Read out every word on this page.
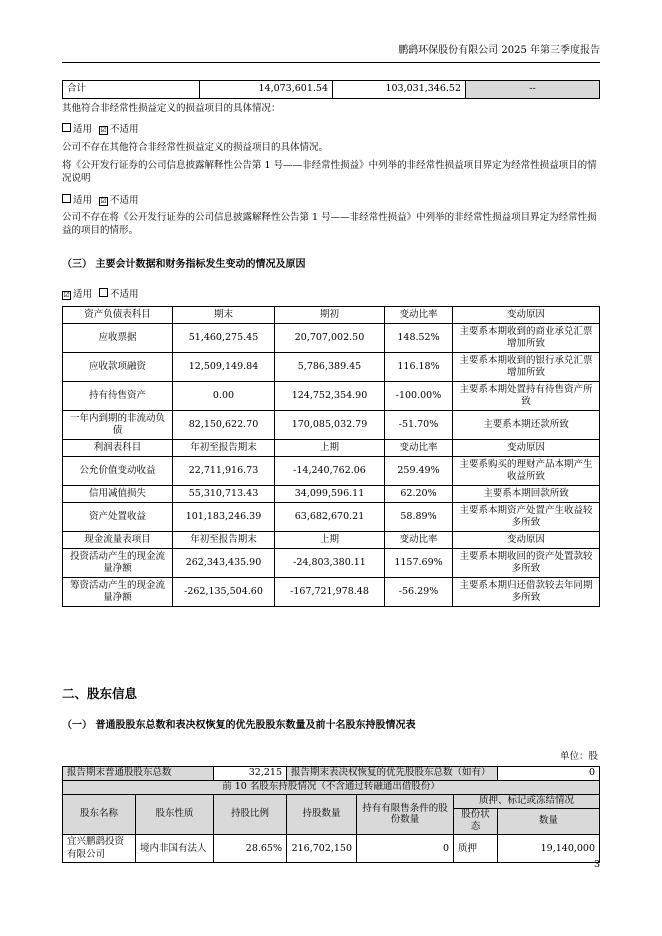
鹏鹞环保股份有限公司 2025 年第三季度报告
合计	14,073,601.54	103,031,346.52	--
其他符合非经常性损益定义的损益项目的具体情况：
适用 ☑ 不适用
公司不存在其他符合非经常性损益定义的损益项目的具体情况。
将《公开发行证券的公司信息披露解释性公告第 1 号——非经常性损益》中列举的非经常性损益项目界定为经常性损益项目的情况说明
适用 ☑ 不适用
公司不存在将《公开发行证券的公司信息披露解释性公告第 1 号——非经常性损益》中列举的非经常性损益项目界定为经常性损益的项目的情形。
（三） 主要会计数据和财务指标发生变动的情况及原因
☑ 适用 不适用
资产负债表科目	期末	期初	变动比率	变动原因
应收票据	51,460,275.45	20,707,002.50	148.52%	主要系本期收到的商业承兑汇票增加所致
应收款项融资	12,509,149.84	5,786,389.45	116.18%	主要系本期收到的银行承兑汇票增加所致
持有待售资产	0.00	124,752,354.90	-100.00%	主要系本期处置持有待售资产所致
一年内到期的非流动负债	82,150,622.70	170,085,032.79	-51.70%	主要系本期还款所致
利润表科目	年初至报告期末	上期	变动比率	变动原因
公允价值变动收益	22,711,916.73	-14,240,762.06	259.49%	主要系购买的理财产品本期产生收益所致
信用减值损失	55,310,713.43	34,099,596.11	62.20%	主要系本期回款所致
资产处置收益	101,183,246.39	63,682,670.21	58.89%	主要系本期资产处置产生收益较多所致
现金流量表项目	年初至报告期末	上期	变动比率	变动原因
投资活动产生的现金流量净额	262,343,435.90	-24,803,380.11	1157.69%	主要系本期收回的资产处置款较多所致
筹资活动产生的现金流量净额	-262,135,504.60	-167,721,978.48	-56.29%	主要系本期归还借款较去年同期多所致
二、股东信息
（一） 普通股股东总数和表决权恢复的优先股股东数量及前十名股东持股情况表
单位：股
报告期末普通股股东总数		32,215	报告期末表决权恢复的优先股股东总数（如有）			0
前 10 名股东持股情况（不含通过转融通出借股份）						
股东名称	股东性质	持股比例	持股数量	持有有限售条件的股份数量	质押、标记或冻结情况	
					股份状态	数量
宜兴鹏鹞投资有限公司	境内非国有法人	28.65%	216,702,150	0	质押	19,140,000
3
